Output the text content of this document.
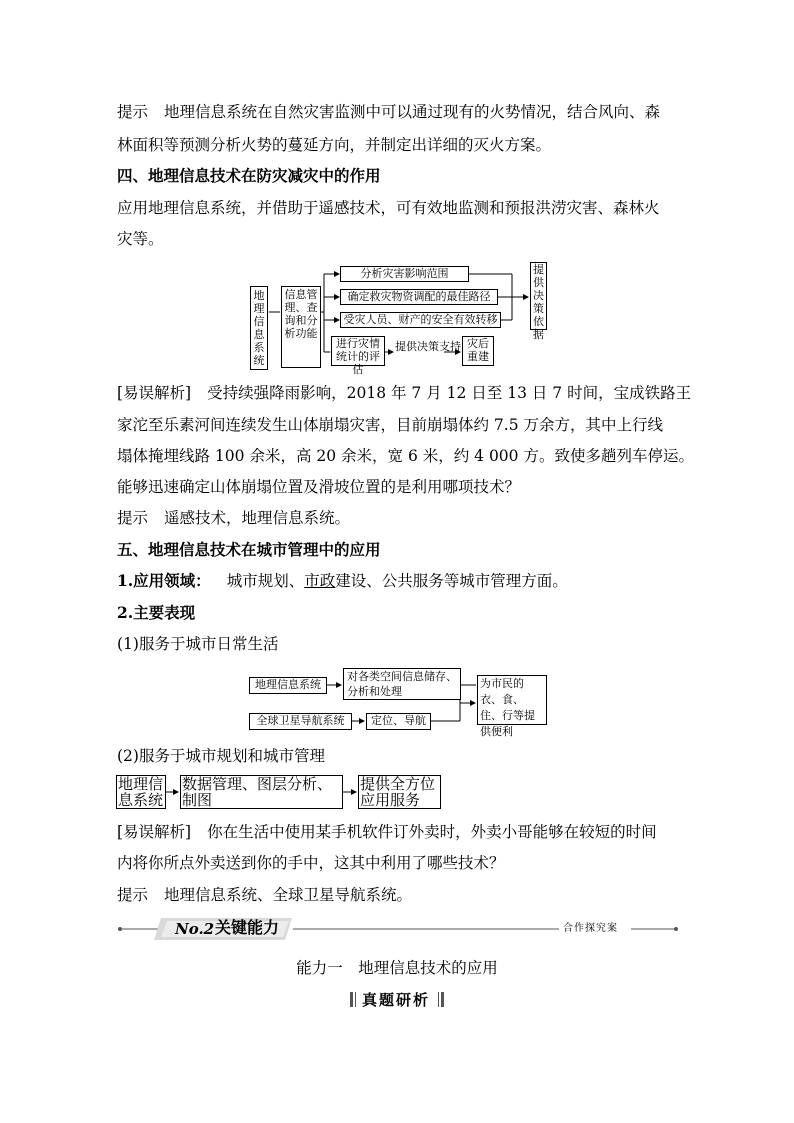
提示 地理信息系统在自然灾害监测中可以通过现有的火势情况，结合风向、森
林面积等预测分析火势的蔓延方向，并制定出详细的灭火方案。
四、地理信息技术在防灾减灾中的作用
应用地理信息系统，并借助于遥感技术，可有效地监测和预报洪涝灾害、森林火
灾等。
地理信息系统
信息管理、查询和分析功能
分析灾害影响范围
确定救灾物资调配的最佳路径
受灾人员、财产的安全有效转移
进行灾情统计的评估
提供决策支持 灾后重建
提供决策依据
[易误解析] 受持续强降雨影响，2018 年 7 月 12 日至 13 日 7 时间，宝成铁路王
家沱至乐素河间连续发生山体崩塌灾害，目前崩塌体约 7.5 万余方，其中上行线
塌体掩埋线路 100 余米，高 20 余米，宽 6 米，约 4 000 方。致使多趟列车停运。
能够迅速确定山体崩塌位置及滑坡位置的是利用哪项技术？
提示 遥感技术，地理信息系统。
五、地理信息技术在城市管理中的应用
1.应用领域： 城市规划、市政建设、公共服务等城市管理方面。
2.主要表现
(1)服务于城市日常生活
地理信息系统
全球卫星导航系统
对各类空间信息储存、分析和处理
定位、导航
为市民的衣、食、住、行等提供便利
(2)服务于城市规划和城市管理
地理信息系统
数据管理、图层分析、制图
提供全方位应用服务
[易误解析] 你在生活中使用某手机软件订外卖时，外卖小哥能够在较短的时间
内将你所点外卖送到你的手中，这其中利用了哪些技术？
提示 地理信息系统、全球卫星导航系统。
No.2 关键能力	合作探究案
能力一　地理信息技术的应用
真题研析
